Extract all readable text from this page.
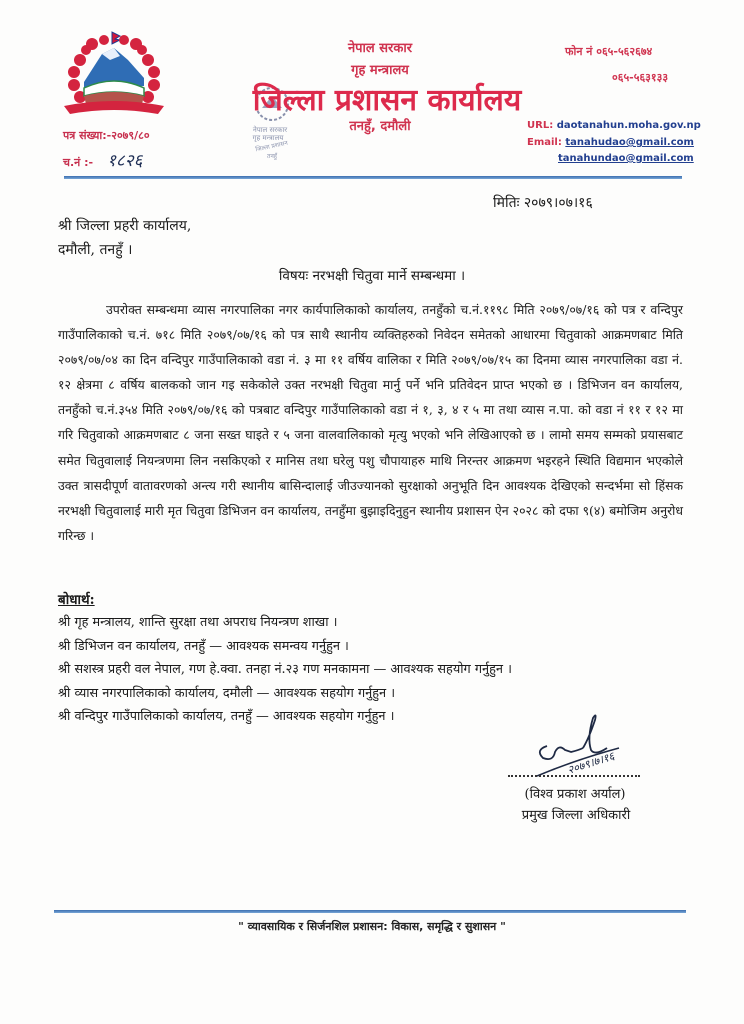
पत्र संख्या:-२०७९/८०
च.नं :- १८२६
नेपाल सरकार
गृह मन्त्रालय
जिल्ला प्रशासन
तनहुँ
नेपाल सरकार
गृह मन्त्रालय
जिल्ला प्रशासन कार्यालय
तनहुँ, दमौली
फोन नं ०६५-५६२६७४
०६५-५६३१३३
URL: daotanahun.moha.gov.np
Email: tanahudao@gmail.com
tanahundao@gmail.com
मितिः २०७९।०७।१६
श्री जिल्ला प्रहरी कार्यालय,
दमौली, तनहुँ ।
विषयः नरभक्षी चितुवा मार्ने सम्बन्धमा ।

उपरोक्त सम्बन्धमा व्यास नगरपालिका नगर कार्यपालिकाको कार्यालय, तनहुँको च.नं.११९८ मिति २०७९/०७/१६ को पत्र र वन्दिपुर गाउँपालिकाको च.नं. ७१८ मिति २०७९/०७/१६ को पत्र साथै स्थानीय व्यक्तिहरुको निवेदन समेतको आधारमा चितुवाको आक्रमणबाट मिति २०७९/०७/०४ का दिन वन्दिपुर गाउँपालिकाको वडा नं. ३ मा ११ वर्षिय वालिका र मिति २०७९/०७/१५ का दिनमा व्यास नगरपालिका वडा नं. १२ क्षेत्रमा ८ वर्षिय बालकको जान गइ सकेकोले उक्त नरभक्षी चितुवा मार्नु पर्ने भनि प्रतिवेदन प्राप्त भएको छ । डिभिजन वन कार्यालय, तनहुँको च.नं.३५४ मिति २०७९/०७/१६ को पत्रबाट वन्दिपुर गाउँपालिकाको वडा नं १, ३, ४ र ५ मा तथा व्यास न.पा. को वडा नं ११ र १२ मा गरि चितुवाको आक्रमणबाट ८ जना सख्त घाइते र ५ जना वालवालिकाको मृत्यु भएको भनि लेखिआएको छ । लामो समय सम्मको प्रयासबाट समेत चितुवालाई नियन्त्रणमा लिन नसकिएको र मानिस तथा घरेलु पशु चौपायाहरु माथि निरन्तर आक्रमण भइरहने स्थिति विद्यमान भएकोले उक्त त्रासदीपूर्ण वातावरणको अन्त्य गरी स्थानीय बासिन्दालाई जीउज्यानको सुरक्षाको अनुभूति दिन आवश्यक देखिएको सन्दर्भमा सो हिंसक नरभक्षी चितुवालाई मारी मृत चितुवा डिभिजन वन कार्यालय, तनहुँमा बुझाइदिनुहुन स्थानीय प्रशासन ऐन २०२८ को दफा ९(४) बमोजिम अनुरोध गरिन्छ ।

बोधार्थ:
श्री गृह मन्त्रालय, शान्ति सुरक्षा तथा अपराध नियन्त्रण शाखा ।
श्री डिभिजन वन कार्यालय, तनहुँ — आवश्यक समन्वय गर्नुहुन ।
श्री सशस्त्र प्रहरी वल नेपाल, गण हे.क्वा. तनहा नं.२३ गण मनकामना — आवश्यक सहयोग गर्नुहुन ।
श्री व्यास नगरपालिकाको कार्यालय, दमौली — आवश्यक सहयोग गर्नुहुन ।
श्री वन्दिपुर गाउँपालिकाको कार्यालय, तनहुँ — आवश्यक सहयोग गर्नुहुन ।
२०७९।७।१६
(विश्व प्रकाश अर्याल)
प्रमुख जिल्ला अधिकारी
" व्यावसायिक र सिर्जनशिल प्रशासन: विकास, समृद्धि र सुशासन "
